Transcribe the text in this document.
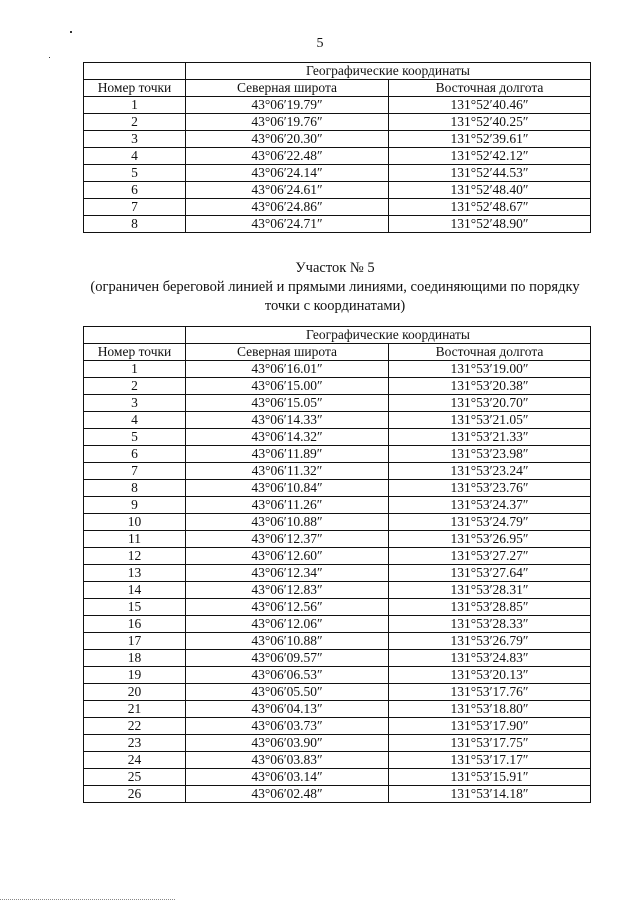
5
	Географические координаты	
Номер точки	Северная широта	Восточная долгота
1	43°06′19.79″	131°52′40.46″
2	43°06′19.76″	131°52′40.25″
3	43°06′20.30″	131°52′39.61″
4	43°06′22.48″	131°52′42.12″
5	43°06′24.14″	131°52′44.53″
6	43°06′24.61″	131°52′48.40″
7	43°06′24.86″	131°52′48.67″
8	43°06′24.71″	131°52′48.90″
Участок № 5
(ограничен береговой линией и прямыми линиями, соединяющими по порядку
точки с координатами)
	Географические координаты	
Номер точки	Северная широта	Восточная долгота
1	43°06′16.01″	131°53′19.00″
2	43°06′15.00″	131°53′20.38″
3	43°06′15.05″	131°53′20.70″
4	43°06′14.33″	131°53′21.05″
5	43°06′14.32″	131°53′21.33″
6	43°06′11.89″	131°53′23.98″
7	43°06′11.32″	131°53′23.24″
8	43°06′10.84″	131°53′23.76″
9	43°06′11.26″	131°53′24.37″
10	43°06′10.88″	131°53′24.79″
11	43°06′12.37″	131°53′26.95″
12	43°06′12.60″	131°53′27.27″
13	43°06′12.34″	131°53′27.64″
14	43°06′12.83″	131°53′28.31″
15	43°06′12.56″	131°53′28.85″
16	43°06′12.06″	131°53′28.33″
17	43°06′10.88″	131°53′26.79″
18	43°06′09.57″	131°53′24.83″
19	43°06′06.53″	131°53′20.13″
20	43°06′05.50″	131°53′17.76″
21	43°06′04.13″	131°53′18.80″
22	43°06′03.73″	131°53′17.90″
23	43°06′03.90″	131°53′17.75″
24	43°06′03.83″	131°53′17.17″
25	43°06′03.14″	131°53′15.91″
26	43°06′02.48″	131°53′14.18″
